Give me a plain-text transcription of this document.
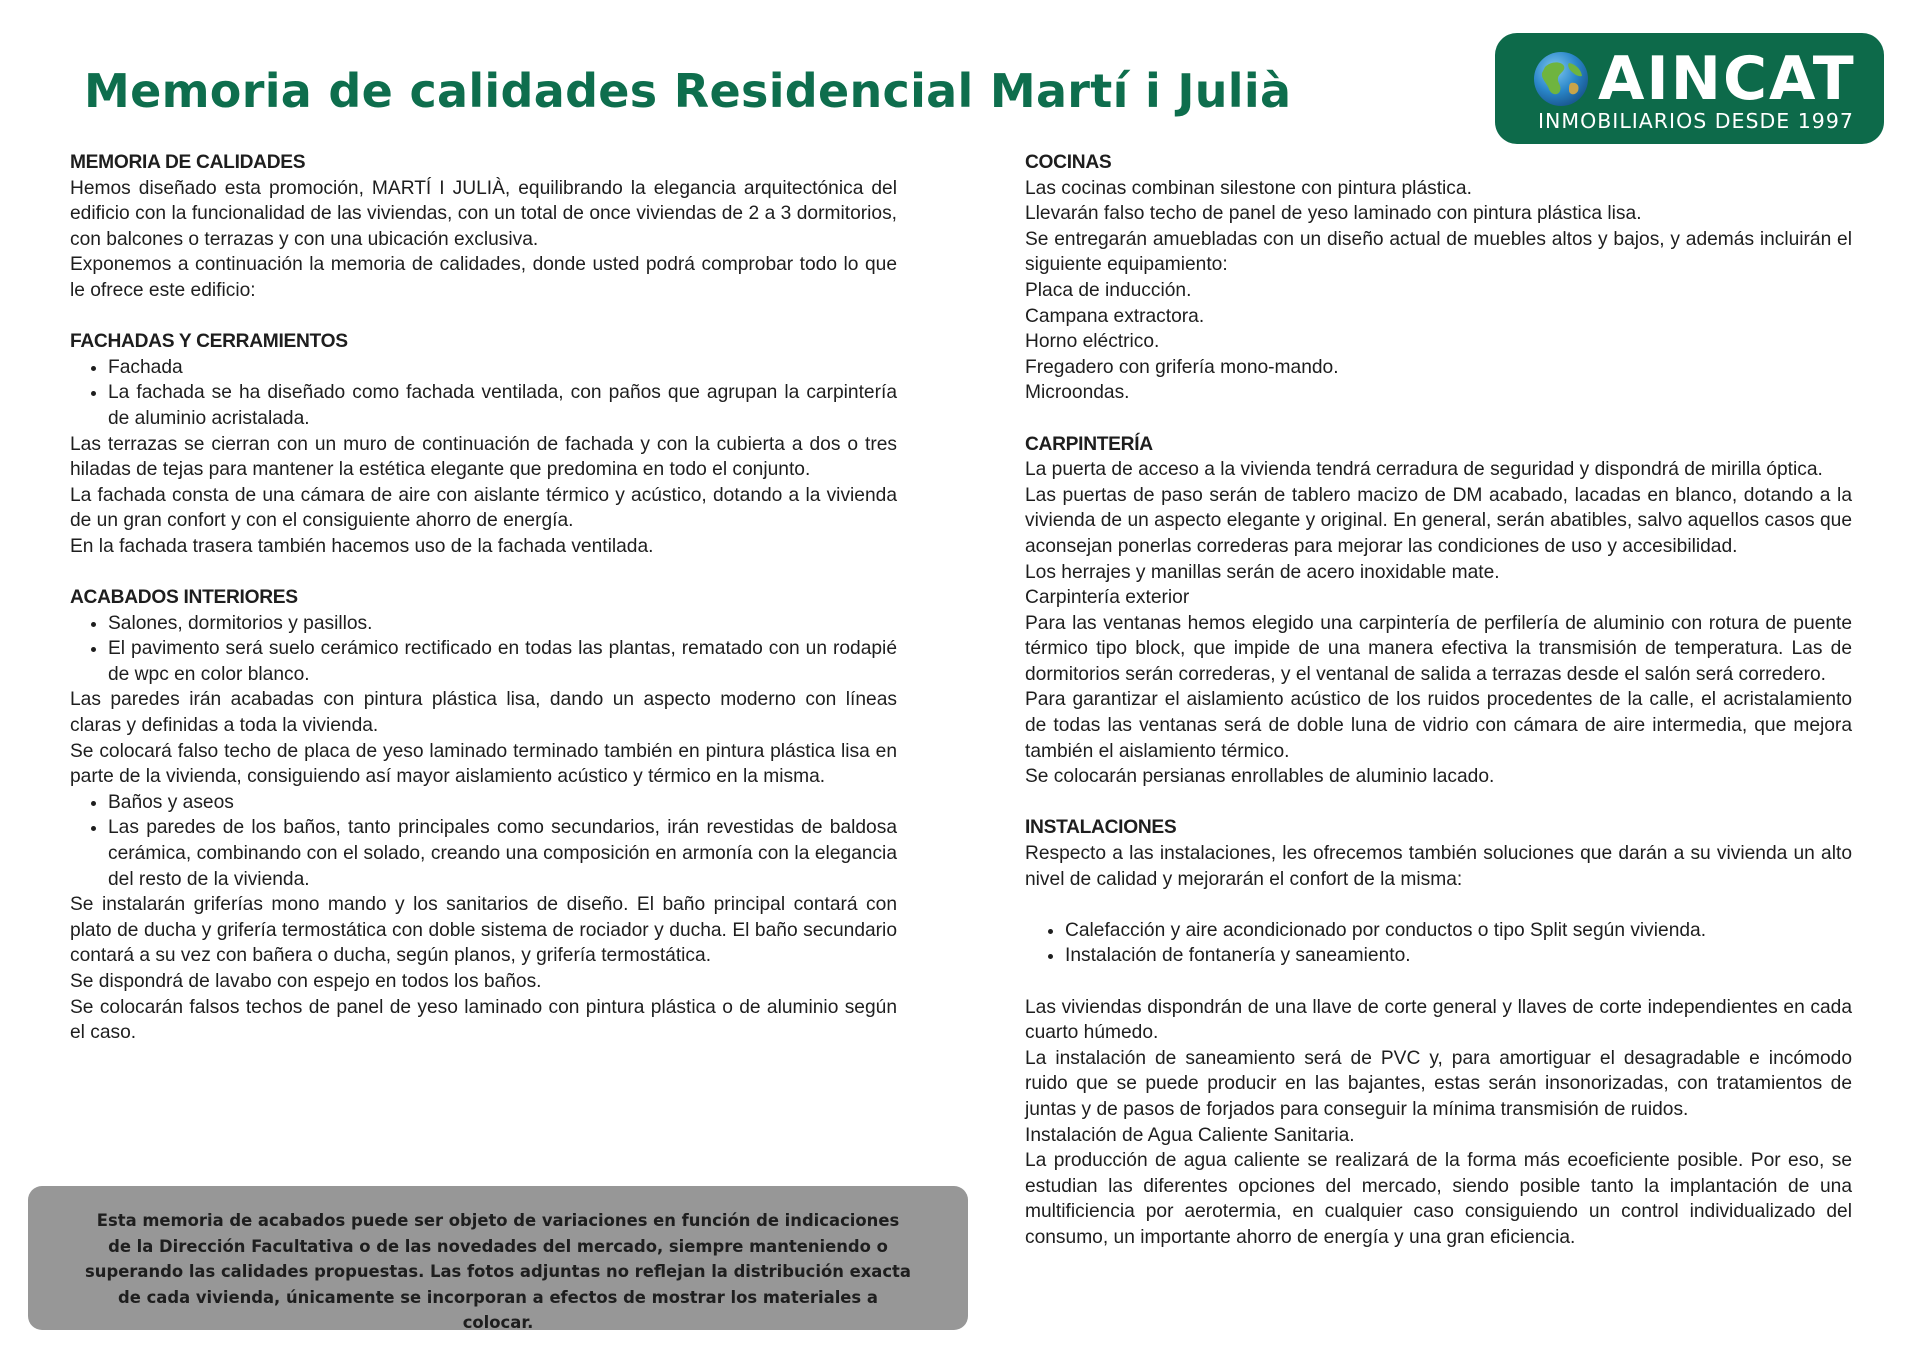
Memoria de calidades Residencial Martí i Julià	AINCAT
INMOBILIARIOS DESDE 1997

MEMORIA DE CALIDADES

Hemos diseñado esta promoción, MARTÍ I JULIÀ, equilibrando la elegancia arquitectónica del edificio con la funcionalidad de las viviendas, con un total de once viviendas de 2 a 3 dormitorios, con balcones o terrazas y con una ubicación exclusiva.

Exponemos a continuación la memoria de calidades, donde usted podrá comprobar todo lo que le ofrece este edificio:

FACHADAS Y CERRAMIENTOS

• Fachada
• La fachada se ha diseñado como fachada ventilada, con paños que agrupan la carpintería de aluminio acristalada.

Las terrazas se cierran con un muro de continuación de fachada y con la cubierta a dos o tres hiladas de tejas para mantener la estética elegante que predomina en todo el conjunto.

La fachada consta de una cámara de aire con aislante térmico y acústico, dotando a la vivienda de un gran confort y con el consiguiente ahorro de energía.

En la fachada trasera también hacemos uso de la fachada ventilada.

ACABADOS INTERIORES

• Salones, dormitorios y pasillos.
• El pavimento será suelo cerámico rectificado en todas las plantas, rematado con un rodapié de wpc en color blanco.

Las paredes irán acabadas con pintura plástica lisa, dando un aspecto moderno con líneas claras y definidas a toda la vivienda.

Se colocará falso techo de placa de yeso laminado terminado también en pintura plástica lisa en parte de la vivienda, consiguiendo así mayor aislamiento acústico y térmico en la misma.

• Baños y aseos
• Las paredes de los baños, tanto principales como secundarios, irán revestidas de baldosa cerámica, combinando con el solado, creando una composición en armonía con la elegancia del resto de la vivienda.

Se instalarán griferías mono mando y los sanitarios de diseño. El baño principal contará con plato de ducha y grifería termostática con doble sistema de rociador y ducha. El baño secundario contará a su vez con bañera o ducha, según planos, y grifería termostática.

Se dispondrá de lavabo con espejo en todos los baños.

Se colocarán falsos techos de panel de yeso laminado con pintura plástica o de aluminio según el caso.

COCINAS

Las cocinas combinan silestone con pintura plástica.

Llevarán falso techo de panel de yeso laminado con pintura plástica lisa.

Se entregarán amuebladas con un diseño actual de muebles altos y bajos, y además incluirán el siguiente equipamiento:

Placa de inducción.

Campana extractora.

Horno eléctrico.

Fregadero con grifería mono-mando.

Microondas.

CARPINTERÍA

La puerta de acceso a la vivienda tendrá cerradura de seguridad y dispondrá de mirilla óptica.

Las puertas de paso serán de tablero macizo de DM acabado, lacadas en blanco, dotando a la vivienda de un aspecto elegante y original. En general, serán abatibles, salvo aquellos casos que aconsejan ponerlas correderas para mejorar las condiciones de uso y accesibilidad.

Los herrajes y manillas serán de acero inoxidable mate.

Carpintería exterior

Para las ventanas hemos elegido una carpintería de perfilería de aluminio con rotura de puente térmico tipo block, que impide de una manera efectiva la transmisión de temperatura. Las de dormitorios serán correderas, y el ventanal de salida a terrazas desde el salón será corredero.

Para garantizar el aislamiento acústico de los ruidos procedentes de la calle, el acristalamiento de todas las ventanas será de doble luna de vidrio con cámara de aire intermedia, que mejora también el aislamiento térmico.

Se colocarán persianas enrollables de aluminio lacado.

INSTALACIONES

Respecto a las instalaciones, les ofrecemos también soluciones que darán a su vivienda un alto nivel de calidad y mejorarán el confort de la misma:

• Calefacción y aire acondicionado por conductos o tipo Split según vivienda.
• Instalación de fontanería y saneamiento.

Las viviendas dispondrán de una llave de corte general y llaves de corte independientes en cada cuarto húmedo.

La instalación de saneamiento será de PVC y, para amortiguar el desagradable e incómodo ruido que se puede producir en las bajantes, estas serán insonorizadas, con tratamientos de juntas y de pasos de forjados para conseguir la mínima transmisión de ruidos.

Instalación de Agua Caliente Sanitaria.

La producción de agua caliente se realizará de la forma más ecoeficiente posible. Por eso, se estudian las diferentes opciones del mercado, siendo posible tanto la implantación de una multificiencia por aerotermia, en cualquier caso consiguiendo un control individualizado del consumo, un importante ahorro de energía y una gran eficiencia.

Esta memoria de acabados puede ser objeto de variaciones en función de indicaciones de la Dirección Facultativa o de las novedades del mercado, siempre manteniendo o superando las calidades propuestas. Las fotos adjuntas no reflejan la distribución exacta de cada vivienda, únicamente se incorporan a efectos de mostrar los materiales a colocar.
